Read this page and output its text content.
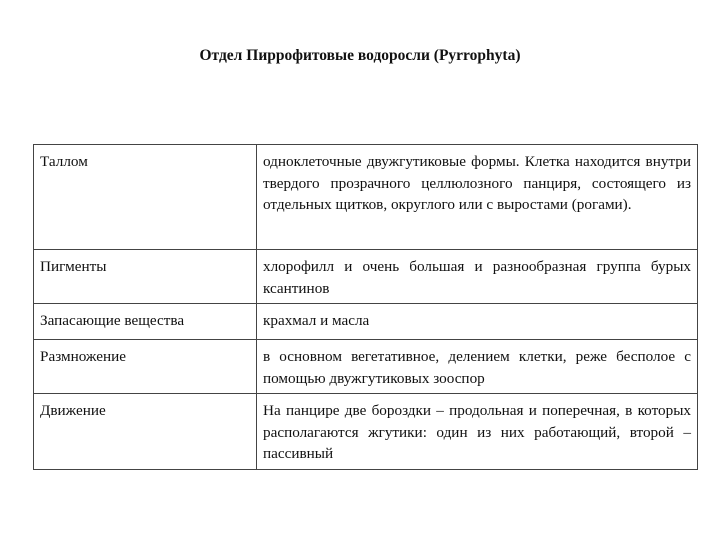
Отдел Пиррофитовые водоросли (Pyrrophyta)
Таллом	одноклеточные двужгутиковые формы. Клетка находится внутри твердого прозрачного целлюлозного панциря, состоящего из отдельных щитков, округлого или с выростами (рогами).
Пигменты	хлорофилл и очень большая и разнообразная группа бурых ксантинов
Запасающие вещества	крахмал и масла
Размножение	в основном вегетативное, делением клетки, реже бесполое с помощью двужгутиковых зооспор
Движение	На панцире две бороздки – продольная и поперечная, в которых располагаются жгутики: один из них работающий, второй – пассивный
